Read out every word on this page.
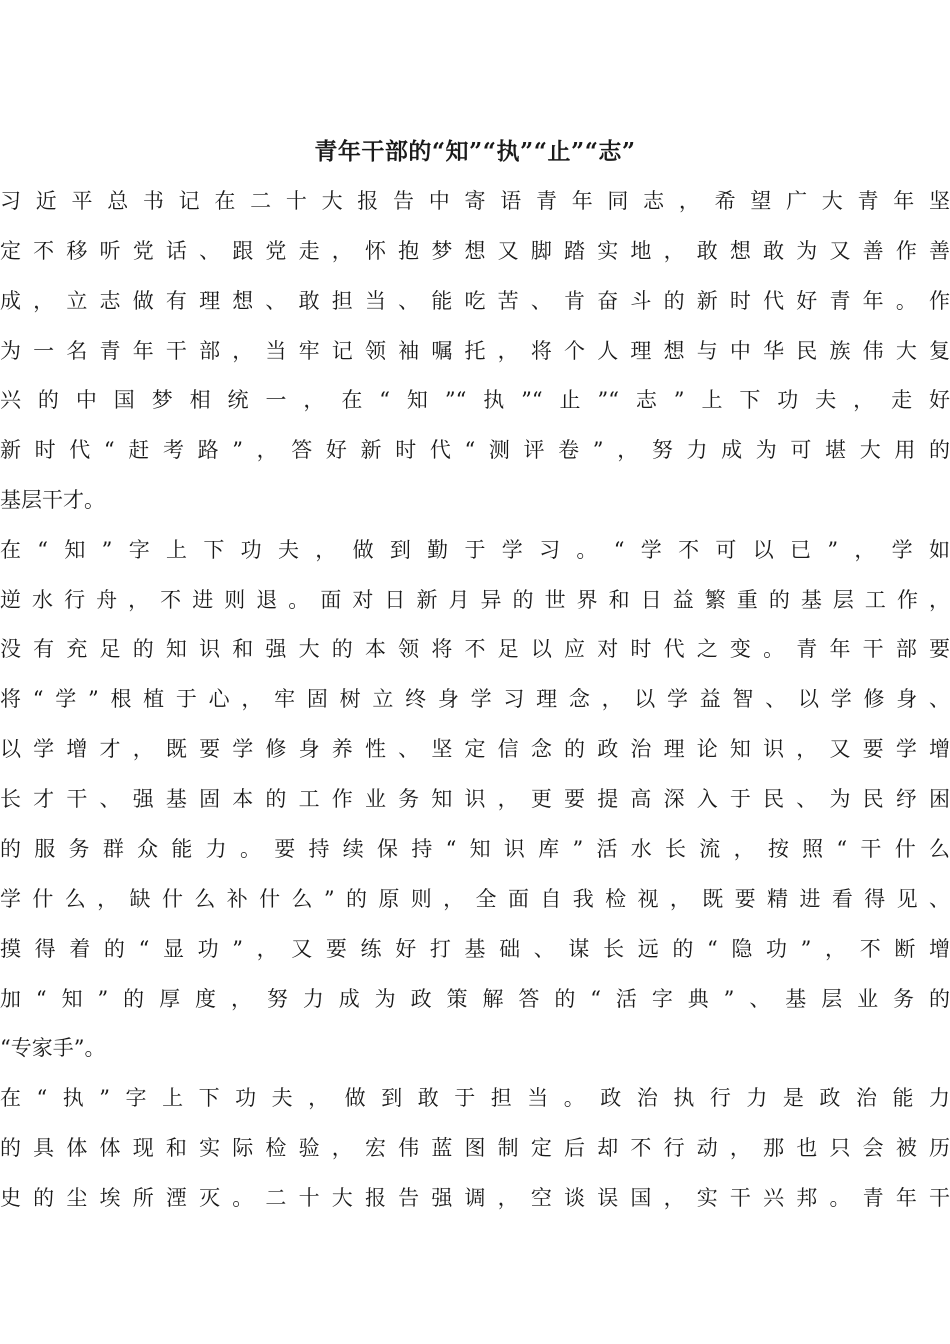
青年干部的“知”“执”“止”“志”
习近平总书记在二十大报告中寄语青年同志，希望广大青年坚
定不移听党话、跟党走，怀抱梦想又脚踏实地，敢想敢为又善作善
成，立志做有理想、敢担当、能吃苦、肯奋斗的新时代好青年。作
为一名青年干部，当牢记领袖嘱托，将个人理想与中华民族伟大复
兴的中国梦相统一，在“知”“执”“止”“志”上下功夫，走好
新时代“赶考路”，答好新时代“测评卷”，努力成为可堪大用的
基层干才。
在“知”字上下功夫，做到勤于学习。“学不可以已”，学如
逆水行舟，不进则退。面对日新月异的世界和日益繁重的基层工作，
没有充足的知识和强大的本领将不足以应对时代之变。青年干部要
将“学”根植于心，牢固树立终身学习理念，以学益智、以学修身、
以学增才，既要学修身养性、坚定信念的政治理论知识，又要学增
长才干、强基固本的工作业务知识，更要提高深入于民、为民纾困
的服务群众能力。要持续保持“知识库”活水长流，按照“干什么
学什么，缺什么补什么”的原则，全面自我检视，既要精进看得见、
摸得着的“显功”，又要练好打基础、谋长远的“隐功”，不断增
加“知”的厚度，努力成为政策解答的“活字典”、基层业务的
“专家手”。
在“执”字上下功夫，做到敢于担当。政治执行力是政治能力
的具体体现和实际检验，宏伟蓝图制定后却不行动，那也只会被历
史的尘埃所湮灭。二十大报告强调，空谈误国，实干兴邦。青年干
